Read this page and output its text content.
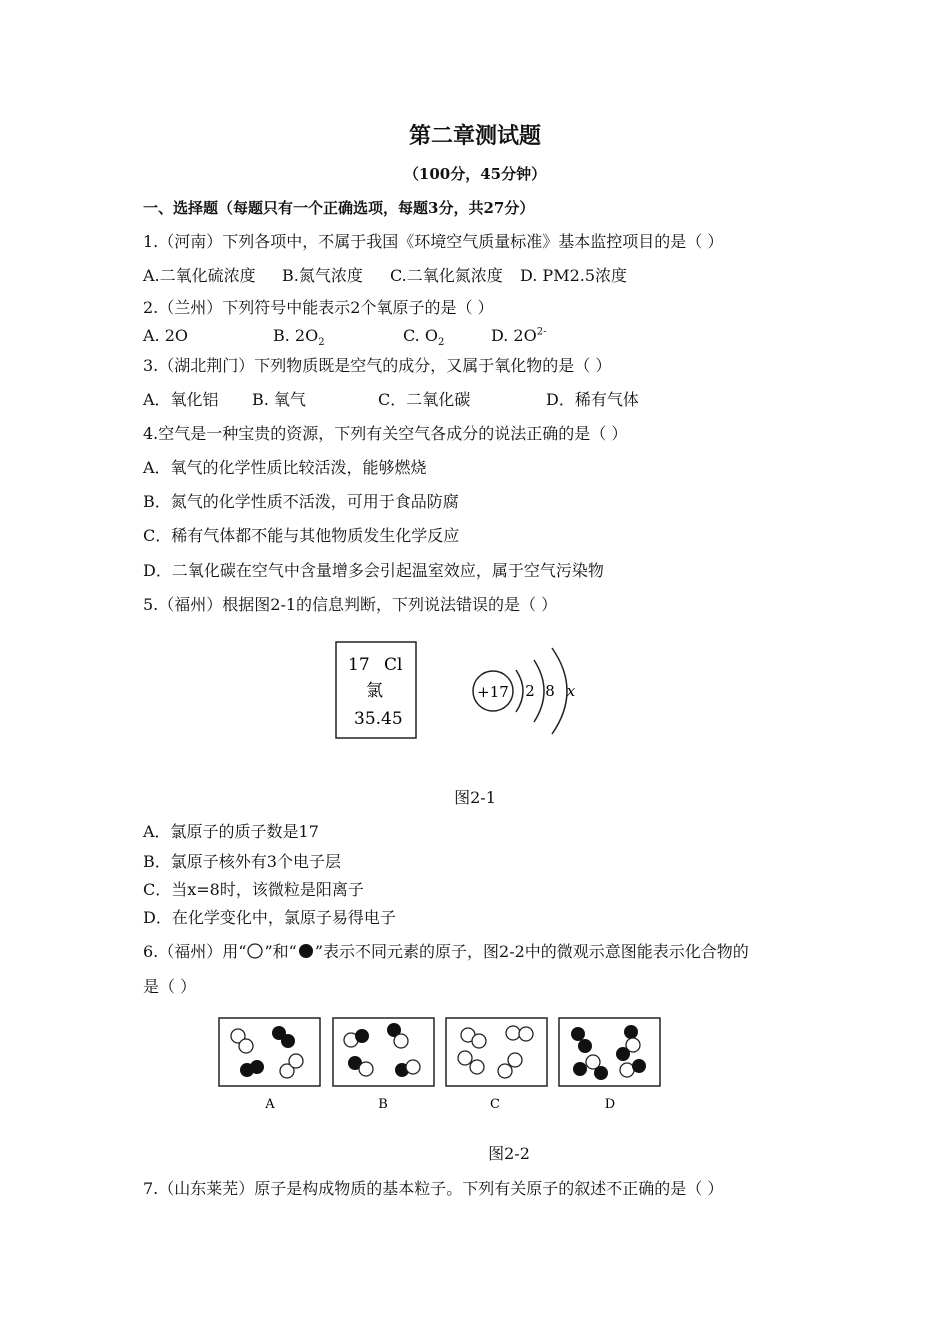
第二章测试题
（100分，45分钟）
一、选择题（每题只有一个正确选项，每题3分，共27分）
1.（河南）下列各项中，不属于我国《环境空气质量标准》基本监控项目的是（ ）
A.二氧化硫浓度 B.氮气浓度 C.二氧化氮浓度 D. PM2.5浓度
2.（兰州）下列符号中能表示2个氧原子的是（ ）
A. 2O	B. $2O_2$	C. $O_2$	D. $2O^{2-}$
3.（湖北荆门）下列物质既是空气的成分，又属于氧化物的是（ ）
A．氧化铝 B. 氧气	C．二氧化碳	D．稀有气体
4.空气是一种宝贵的资源，下列有关空气各成分的说法正确的是（ ）
A．氧气的化学性质比较活泼，能够燃烧
B．氮气的化学性质不活泼，可用于食品防腐
C．稀有气体都不能与其他物质发生化学反应
D．二氧化碳在空气中含量增多会引起温室效应，属于空气污染物
5.（福州）根据图2-1的信息判断，下列说法错误的是（ ）
17 Cl
氯
35.45
+17 2 8 x
图2-1
A．氯原子的质子数是17
B．氯原子核外有3个电子层
C．当x=8时，该微粒是阳离子
D．在化学变化中，氯原子易得电子
6.（福州）用“ ”和“ ”表示不同元素的原子，图2-2中的微观示意图能表示化合物的
是（ ）
A	B	C	D
图2-2
7.（山东莱芜）原子是构成物质的基本粒子。下列有关原子的叙述不正确的是（ ）
